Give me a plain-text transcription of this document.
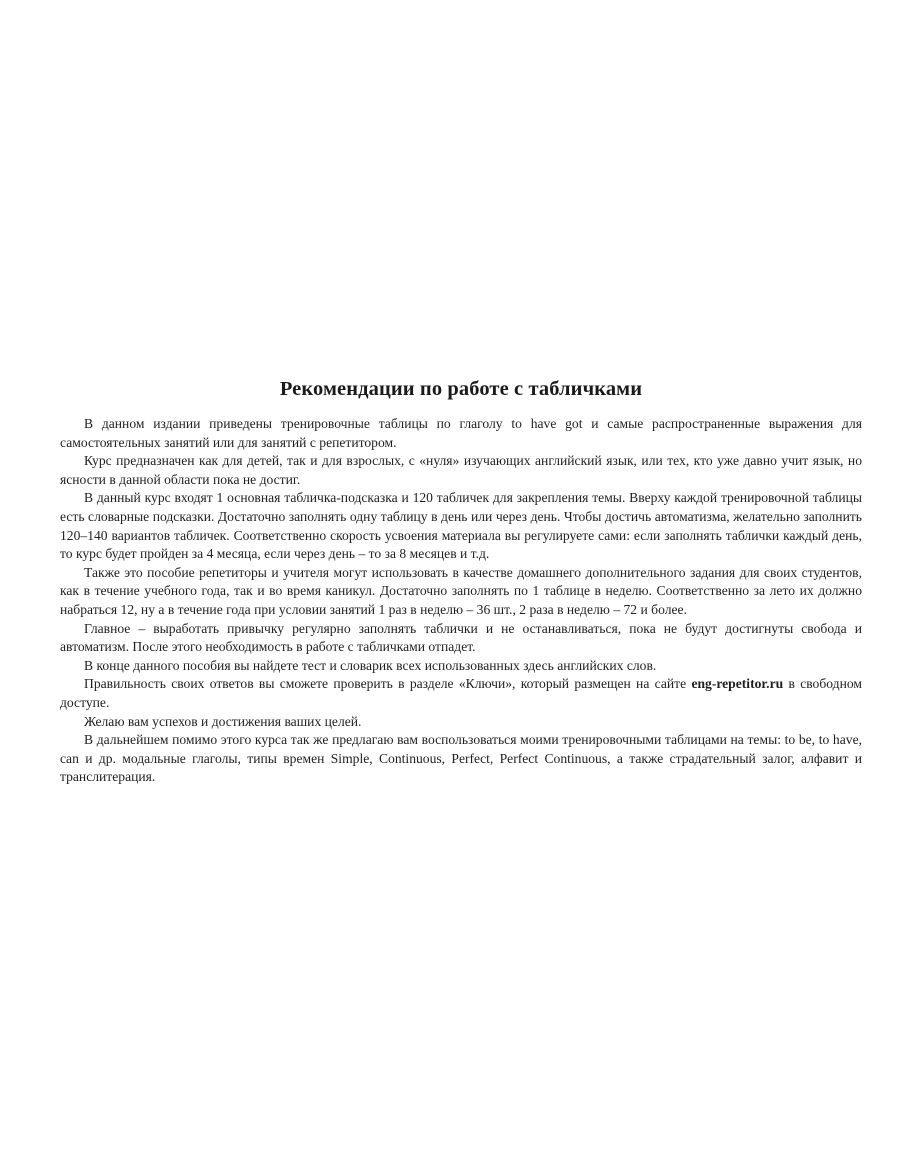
Рекомендации по работе с табличками

В данном издании приведены тренировочные таблицы по глаголу to have got и самые распространенные выражения для самостоятельных занятий или для занятий с репетитором.

Курс предназначен как для детей, так и для взрослых, с «нуля» изучающих английский язык, или тех, кто уже давно учит язык, но ясности в данной области пока не достиг.

В данный курс входят 1 основная табличка-подсказка и 120 табличек для закрепления темы. Вверху каждой тренировочной таблицы есть словарные подсказки. Достаточно заполнять одну таблицу в день или через день. Чтобы достичь автоматизма, желательно заполнить 120–140 вариантов табличек. Соответственно скорость усвоения материала вы регулируете сами: если заполнять таблички каждый день, то курс будет пройден за 4 месяца, если через день – то за 8 месяцев и т.д.

Также это пособие репетиторы и учителя могут использовать в качестве домашнего дополнительного задания для своих студентов, как в течение учебного года, так и во время каникул. Достаточно заполнять по 1 таблице в неделю. Соответственно за лето их должно набраться 12, ну а в течение года при условии занятий 1 раз в неделю – 36 шт., 2 раза в неделю – 72 и более.

Главное – выработать привычку регулярно заполнять таблички и не останавливаться, пока не будут достигнуты свобода и автоматизм. После этого необходимость в работе с табличками отпадет.

В конце данного пособия вы найдете тест и словарик всех использованных здесь английских слов.

Правильность своих ответов вы сможете проверить в разделе «Ключи», который размещен на сайте eng-repetitor.ru в свободном доступе.

Желаю вам успехов и достижения ваших целей.

В дальнейшем помимо этого курса так же предлагаю вам воспользоваться моими тренировочными таблицами на темы: to be, to have, can и др. модальные глаголы, типы времен Simple, Continuous, Perfect, Perfect Continuous, а также страдательный залог, алфавит и транслитерация.
